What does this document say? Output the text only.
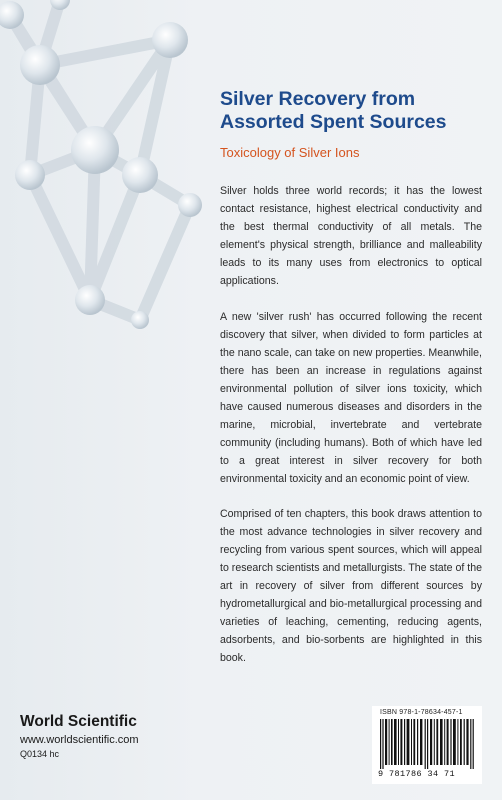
Silver Recovery from
Assorted Spent Sources

Toxicology of Silver Ions

Silver holds three world records; it has the lowest contact resistance, highest electrical conductivity and the best thermal conductivity of all metals. The element's physical strength, brilliance and malleability leads to its many uses from electronics to optical applications.

A new 'silver rush' has occurred following the recent discovery that silver, when divided to form particles at the nano scale, can take on new properties. Meanwhile, there has been an increase in regulations against environmental pollution of silver ions toxicity, which have caused numerous diseases and disorders in the marine, microbial, invertebrate and vertebrate community (including humans). Both of which have led to a great interest in silver recovery for both environmental toxicity and an economic point of view.

Comprised of ten chapters, this book draws attention to the most advance technologies in silver recovery and recycling from various spent sources, which will appeal to research scientists and metallurgists. The state of the art in recovery of silver from different sources by hydrometallurgical and bio-metallurgical processing and varieties of leaching, cementing, reducing agents, adsorbents, and bio-sorbents are highlighted in this book.

World Scientific
www.worldscientific.com
Q0134 hc
ISBN 978-1-78634-457-1
9 781786 34 71
